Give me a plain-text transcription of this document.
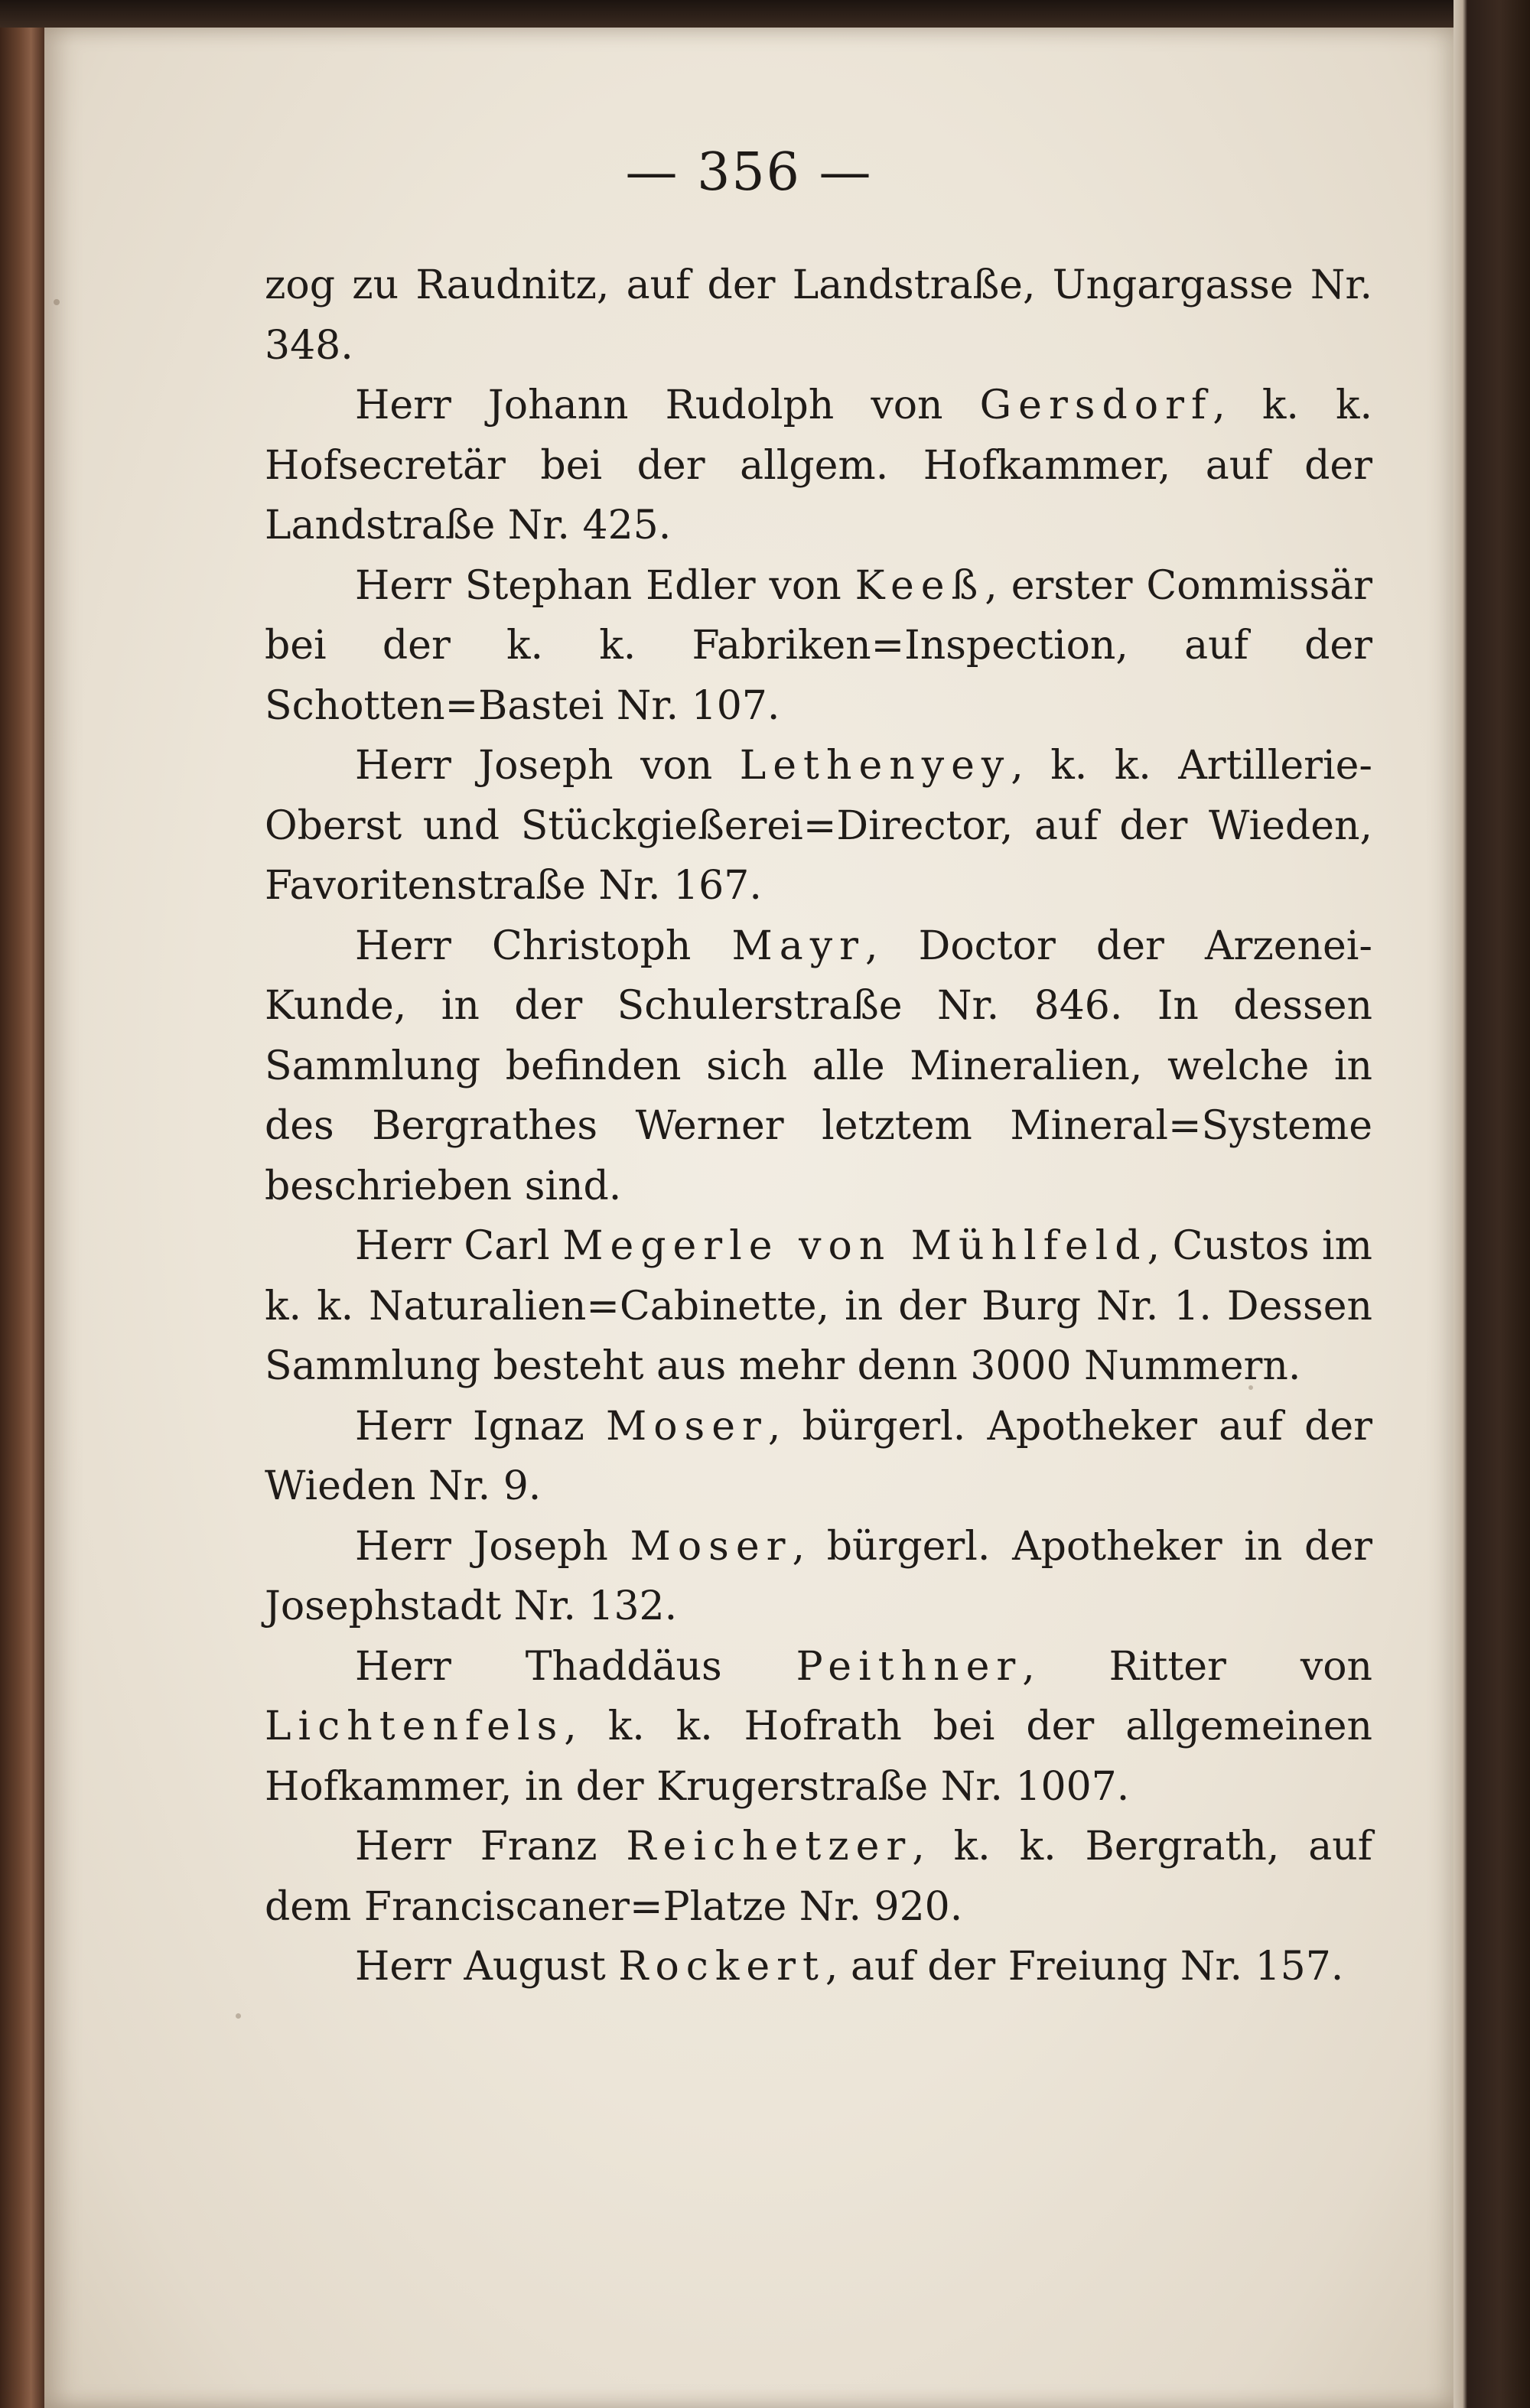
— 356 —

zog zu Raudnitz, auf der Landstraße, Ungargasse Nr. 348.

Herr Johann Rudolph von Gersdorf, k. k. Hofsecretär bei der allgem. Hofkammer, auf der Landstraße Nr. 425.

Herr Stephan Edler von Keeß, erster Commissär bei der k. k. Fabriken=Inspection, auf der Schotten=Bastei Nr. 107.

Herr Joseph von Lethenyey, k. k. Artillerie-Oberst und Stückgießerei=Director, auf der Wieden, Favoritenstraße Nr. 167.

Herr Christoph Mayr, Doctor der Arzenei-Kunde, in der Schulerstraße Nr. 846. In dessen Sammlung befinden sich alle Mineralien, welche in des Bergrathes Werner letztem Mineral=Systeme beschrieben sind.

Herr Carl Megerle von Mühlfeld, Custos im k. k. Naturalien=Cabinette, in der Burg Nr. 1. Dessen Sammlung besteht aus mehr denn 3000 Nummern.

Herr Ignaz Moser, bürgerl. Apotheker auf der Wieden Nr. 9.

Herr Joseph Moser, bürgerl. Apotheker in der Josephstadt Nr. 132.

Herr Thaddäus Peithner, Ritter von Lichtenfels, k. k. Hofrath bei der allgemeinen Hofkammer, in der Krugerstraße Nr. 1007.

Herr Franz Reichetzer, k. k. Bergrath, auf dem Franciscaner=Platze Nr. 920.

Herr August Rockert, auf der Freiung Nr. 157.
